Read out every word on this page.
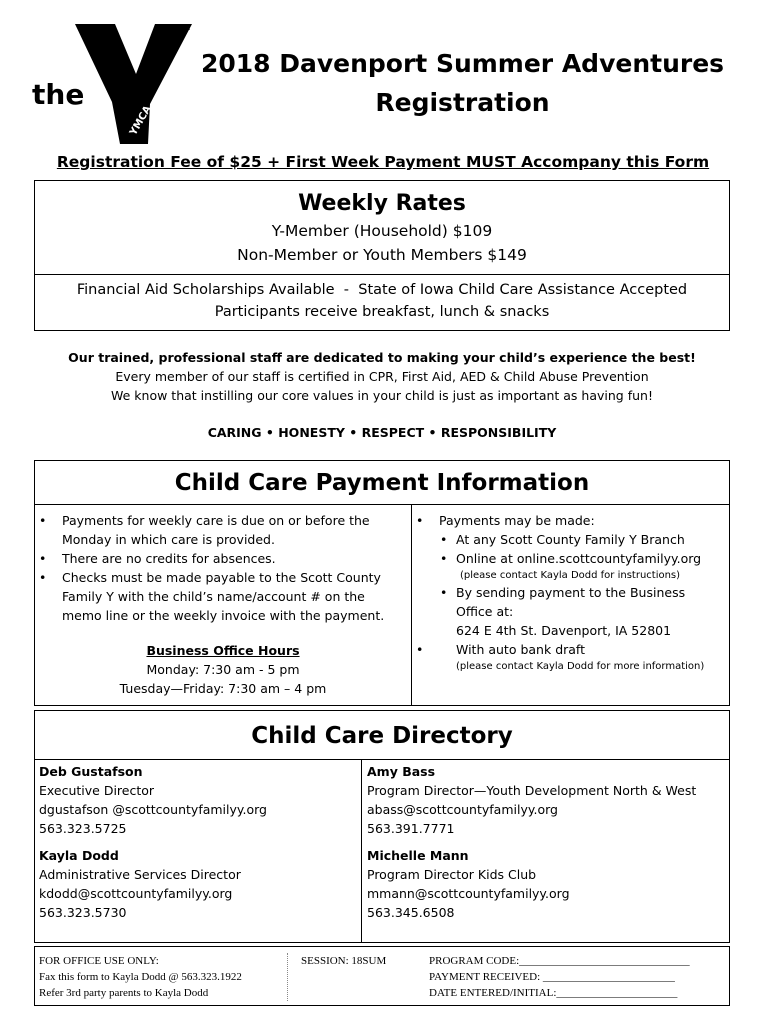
TM
YMCA
the
2018 Davenport Summer Adventures
Registration
Registration Fee of $25 + First Week Payment MUST Accompany this Form
Weekly Rates
Y-Member (Household) $109
Non-Member or Youth Members $149
Financial Aid Scholarships Available  -  State of Iowa Child Care Assistance Accepted
Participants receive breakfast, lunch & snacks
Our trained, professional staff are dedicated to making your child’s experience the best!
Every member of our staff is certified in CPR, First Aid, AED & Child Abuse Prevention
We know that instilling our core values in your child is just as important as having fun!
CARING • HONESTY • RESPECT • RESPONSIBILITY
Child Care Payment Information
• Payments for weekly care is due on or before the Monday in which care is provided.
• There are no credits for absences.
• Checks must be made payable to the Scott County Family Y with the child’s name/account # on the memo line or the weekly invoice with the payment.
Business Office Hours
Monday: 7:30 am - 5 pm
Tuesday—Friday: 7:30 am – 4 pm
• Payments may be made:
• At any Scott County Family Y Branch
• Online at online.scottcountyfamilyy.org
(please contact Kayla Dodd for instructions)
• By sending payment to the Business Office at:
624 E 4th St. Davenport, IA 52801
• With auto bank draft
(please contact Kayla Dodd for more information)
Child Care Directory
Deb Gustafson
Executive Director
dgustafson @scottcountyfamilyy.org
563.323.5725
Kayla Dodd
Administrative Services Director
kdodd@scottcountyfamilyy.org
563.323.5730
Amy Bass
Program Director—Youth Development North & West
abass@scottcountyfamilyy.org
563.391.7771
Michelle Mann
Program Director Kids Club
mmann@scottcountyfamilyy.org
563.345.6508
FOR OFFICE USE ONLY:
Fax this form to Kayla Dodd @ 563.323.1922
Refer 3rd party parents to Kayla Dodd
SESSION: 18SUM	PROGRAM CODE:_______________________________
PAYMENT RECEIVED: ________________________
DATE ENTERED/INITIAL:______________________
